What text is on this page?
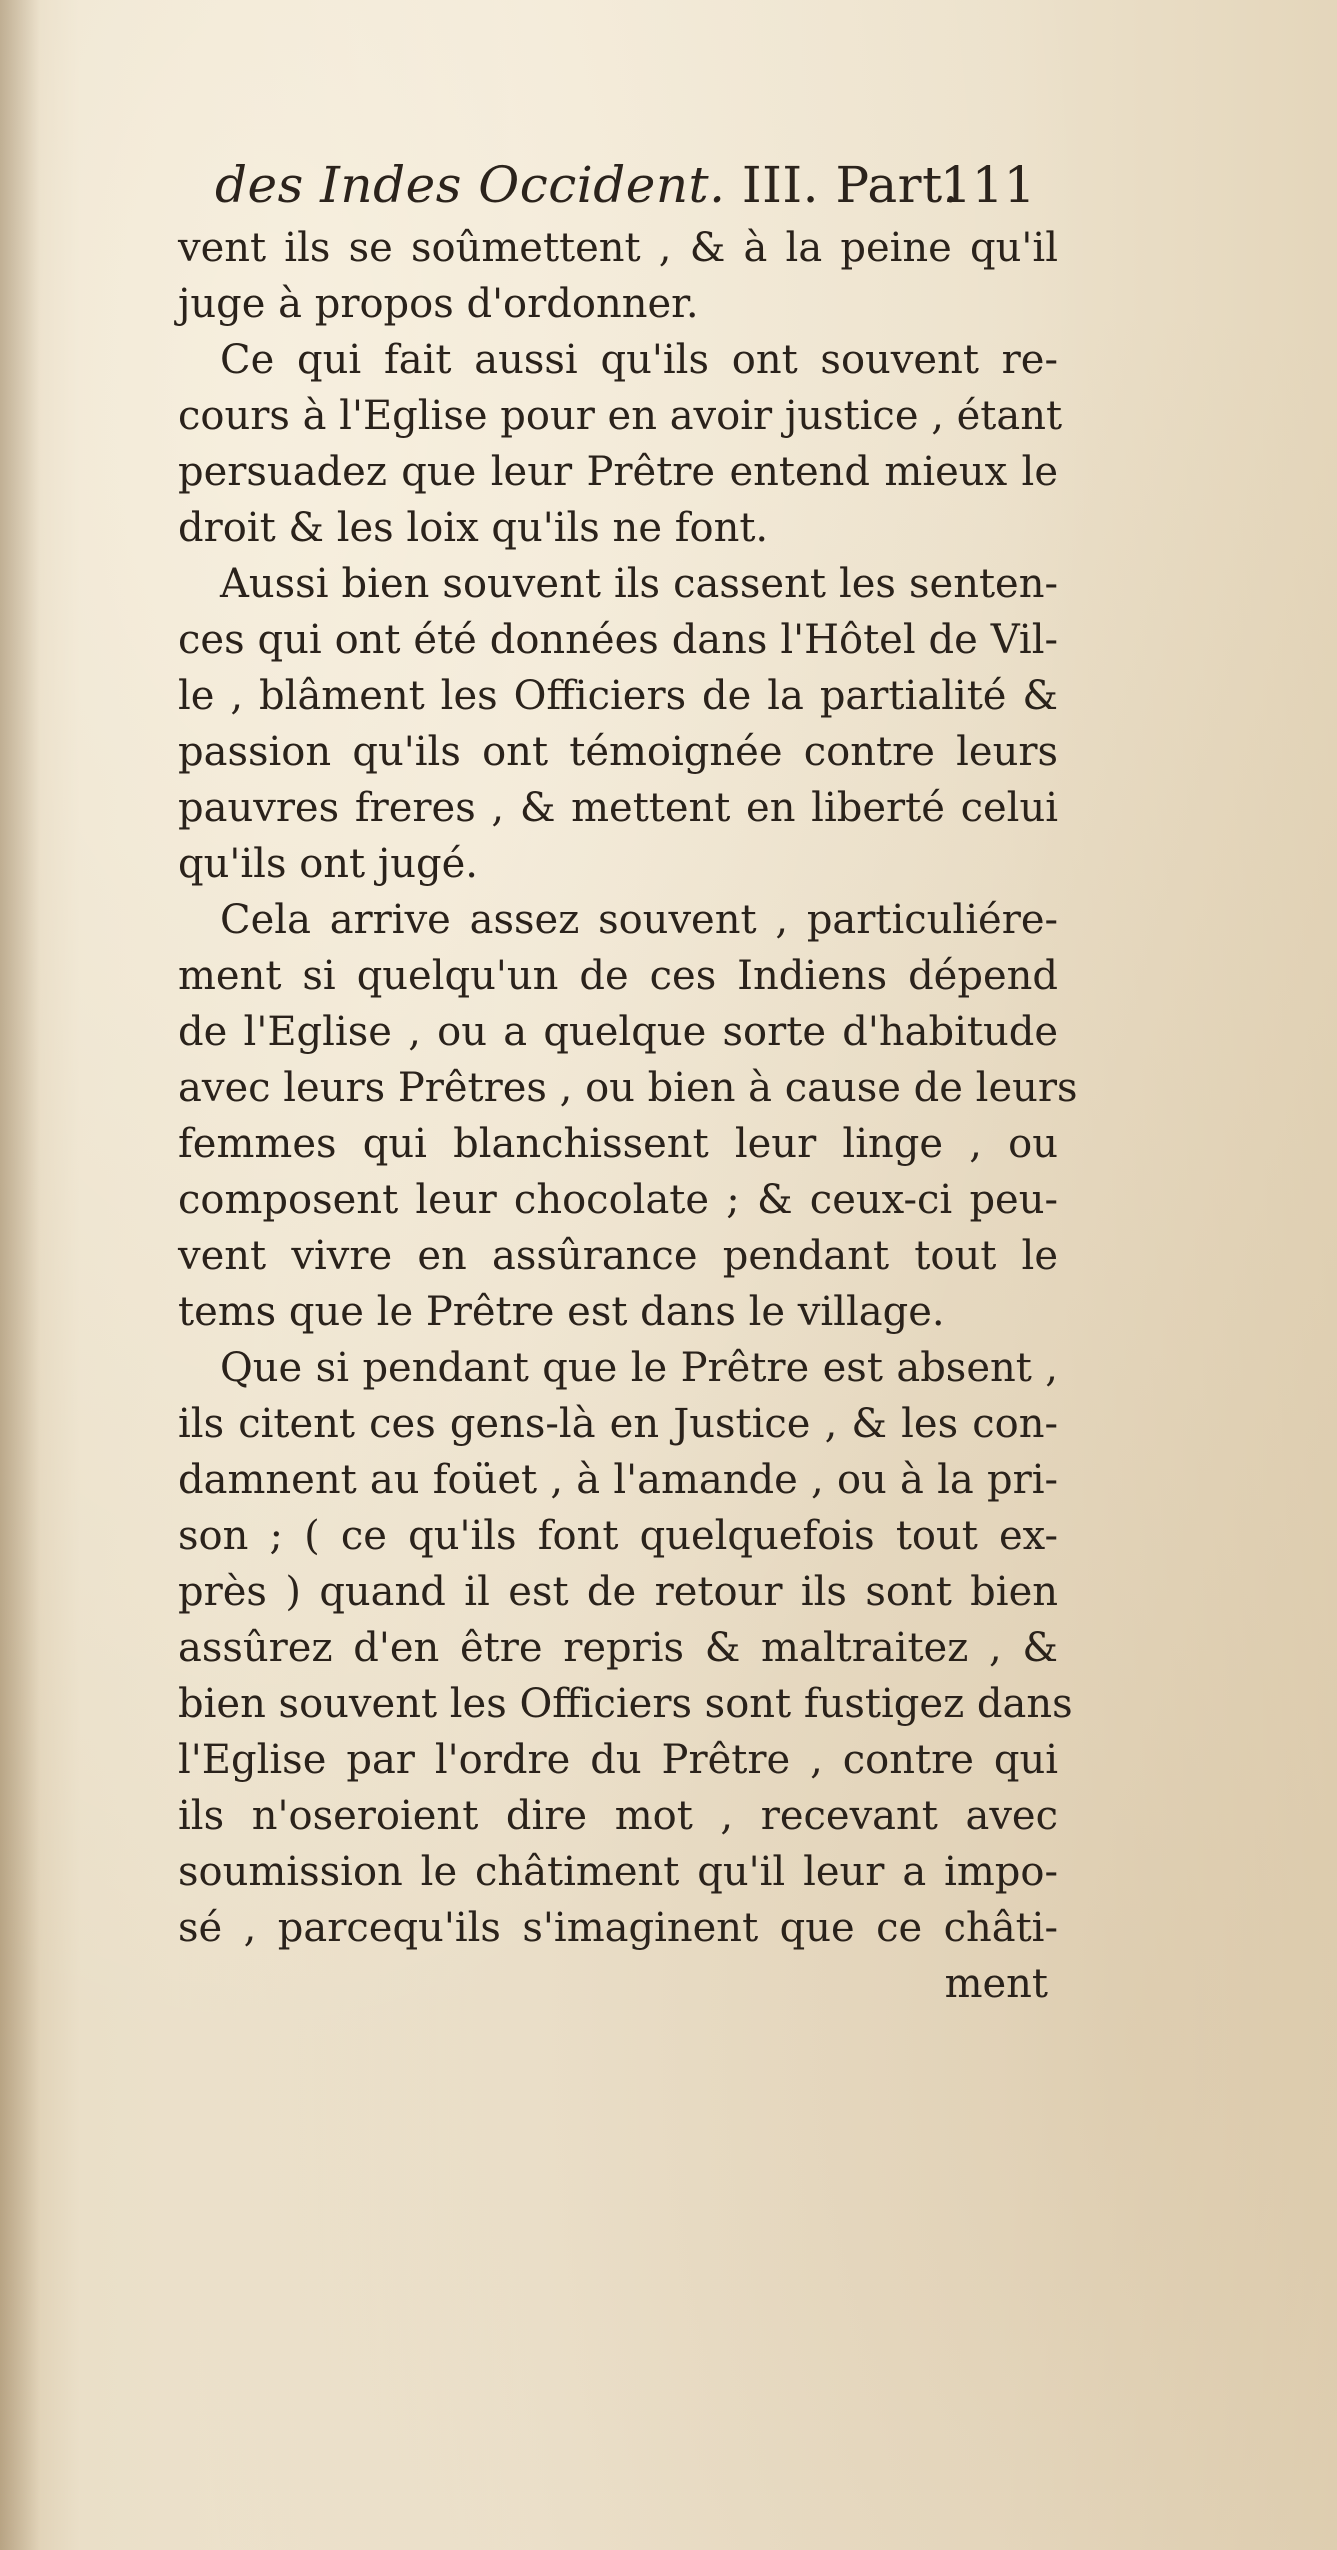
des Indes Occident. III. Part.
111
vent ils se soûmettent , & à la peine qu'il
juge à propos d'ordonner.
Ce qui fait aussi qu'ils ont souvent re-
cours à l'Eglise pour en avoir justice , étant
persuadez que leur Prêtre entend mieux le
droit & les loix qu'ils ne font.
Aussi bien souvent ils cassent les senten-
ces qui ont été données dans l'Hôtel de Vil-
le , blâment les Officiers de la partialité &
passion qu'ils ont témoignée contre leurs
pauvres freres , & mettent en liberté celui
qu'ils ont jugé.
Cela arrive assez souvent , particuliére-
ment si quelqu'un de ces Indiens dépend
de l'Eglise , ou a quelque sorte d'habitude
avec leurs Prêtres , ou bien à cause de leurs
femmes qui blanchissent leur linge , ou
composent leur chocolate ; & ceux-ci peu-
vent vivre en assûrance pendant tout le
tems que le Prêtre est dans le village.
Que si pendant que le Prêtre est absent ,
ils citent ces gens-là en Justice , & les con-
damnent au foüet , à l'amande , ou à la pri-
son ; ( ce qu'ils font quelquefois tout ex-
près ) quand il est de retour ils sont bien
assûrez d'en être repris & maltraitez , &
bien souvent les Officiers sont fustigez dans
l'Eglise par l'ordre du Prêtre , contre qui
ils n'oseroient dire mot , recevant avec
soumission le châtiment qu'il leur a impo-
sé , parcequ'ils s'imaginent que ce châti-
ment
